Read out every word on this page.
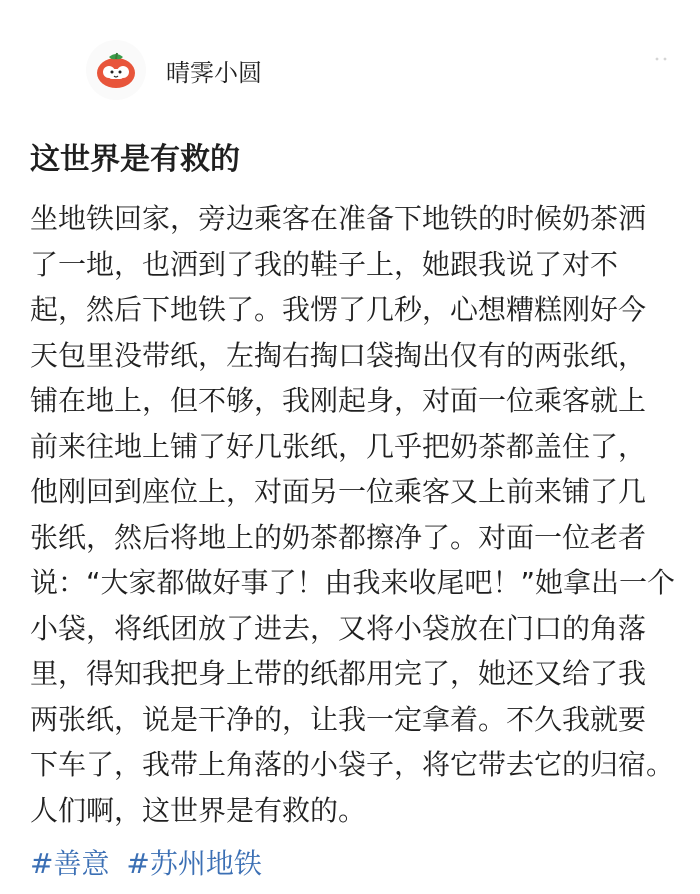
晴霁小圆
这世界是有救的
坐地铁回家，旁边乘客在准备下地铁的时候奶茶洒
了一地，也洒到了我的鞋子上，她跟我说了对不
起，然后下地铁了。我愣了几秒，心想糟糕刚好今
天包里没带纸，左掏右掏口袋掏出仅有的两张纸，
铺在地上，但不够，我刚起身，对面一位乘客就上
前来往地上铺了好几张纸，几乎把奶茶都盖住了，
他刚回到座位上，对面另一位乘客又上前来铺了几
张纸，然后将地上的奶茶都擦净了。对面一位老者
说：“大家都做好事了！由我来收尾吧！”她拿出一个
小袋，将纸团放了进去，又将小袋放在门口的角落
里，得知我把身上带的纸都用完了，她还又给了我
两张纸，说是干净的，让我一定拿着。不久我就要
下车了，我带上角落的小袋子，将它带去它的归宿。
人们啊，这世界是有救的。
#善意 #苏州地铁
